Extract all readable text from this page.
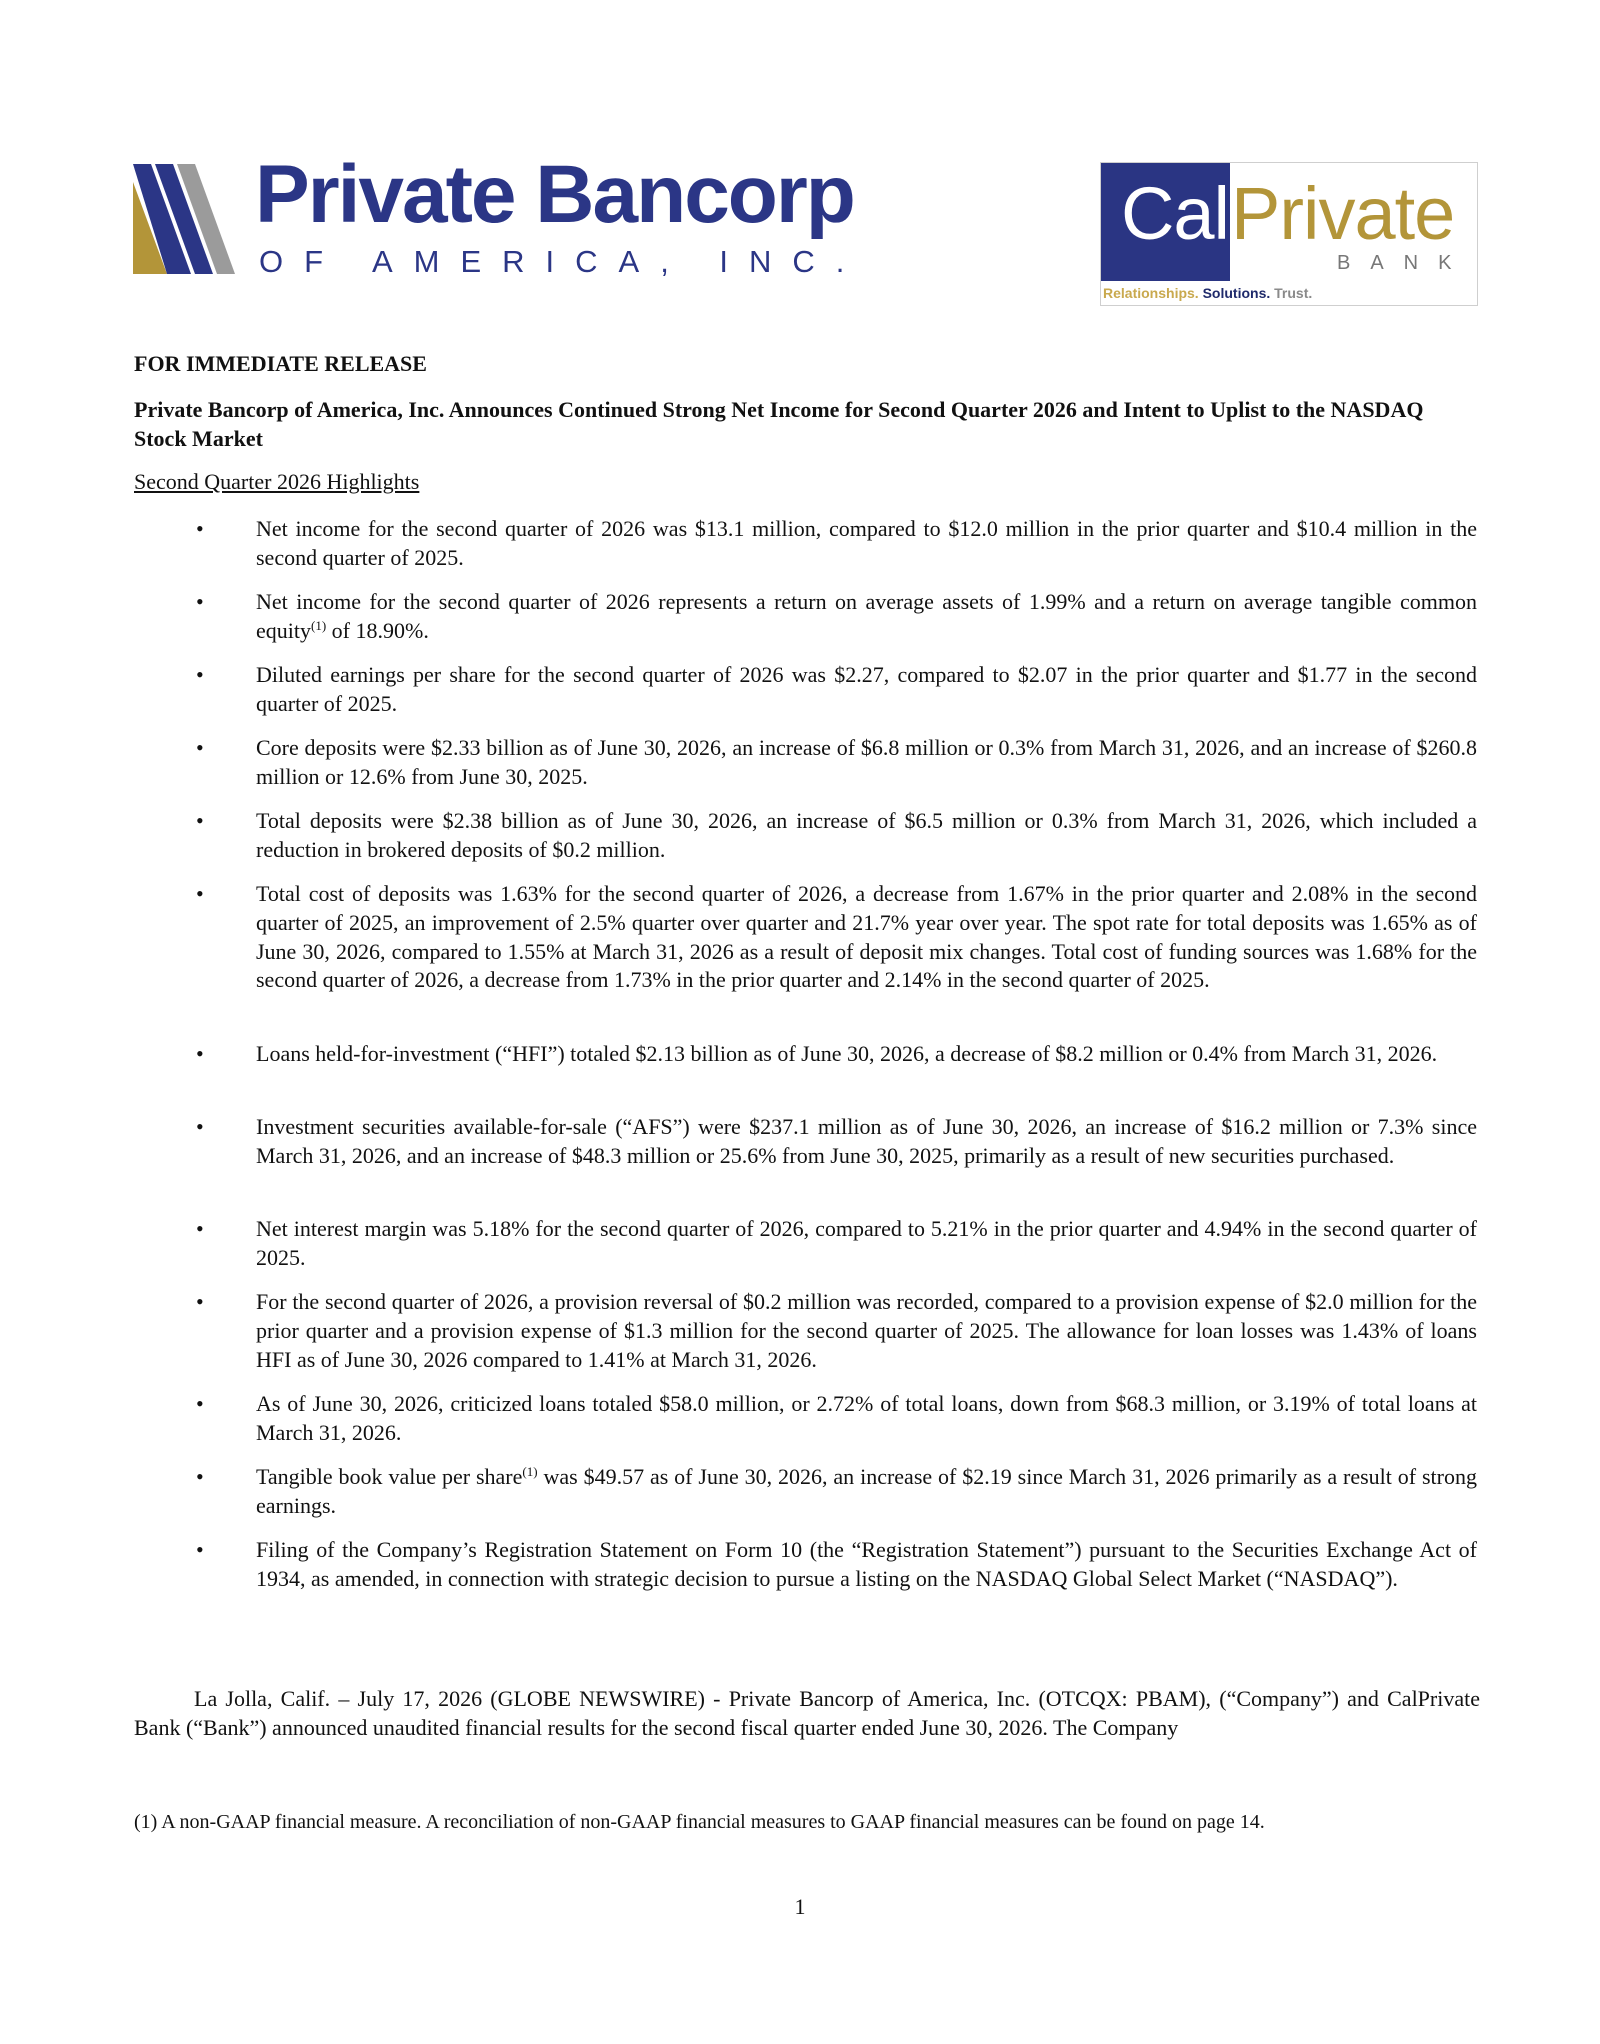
Private Bancorp
OF AMERICA, INC.
Cal Private
BANK
Relationships. Solutions. Trust.
FOR IMMEDIATE RELEASE
Private Bancorp of America, Inc. Announces Continued Strong Net Income for Second Quarter 2026 and Intent to Uplist to the NASDAQ Stock Market
Second Quarter 2026 Highlights
• Net income for the second quarter of 2026 was $13.1 million, compared to $12.0 million in the prior quarter and $10.4 million in the second quarter of 2025.
• Net income for the second quarter of 2026 represents a return on average assets of 1.99% and a return on average tangible common equity$^{(1)}$ of 18.90%.
• Diluted earnings per share for the second quarter of 2026 was $2.27, compared to $2.07 in the prior quarter and $1.77 in the second quarter of 2025.
• Core deposits were $2.33 billion as of June 30, 2026, an increase of $6.8 million or 0.3% from March 31, 2026, and an increase of $260.8 million or 12.6% from June 30, 2025.
• Total deposits were $2.38 billion as of June 30, 2026, an increase of $6.5 million or 0.3% from March 31, 2026, which included a reduction in brokered deposits of $0.2 million.
• Total cost of deposits was 1.63% for the second quarter of 2026, a decrease from 1.67% in the prior quarter and 2.08% in the second quarter of 2025, an improvement of 2.5% quarter over quarter and 21.7% year over year. The spot rate for total deposits was 1.65% as of June 30, 2026, compared to 1.55% at March 31, 2026 as a result of deposit mix changes. Total cost of funding sources was 1.68% for the second quarter of 2026, a decrease from 1.73% in the prior quarter and 2.14% in the second quarter of 2025.
• Loans held-for-investment (“HFI”) totaled $2.13 billion as of June 30, 2026, a decrease of $8.2 million or 0.4% from March 31, 2026.
• Investment securities available-for-sale (“AFS”) were $237.1 million as of June 30, 2026, an increase of $16.2 million or 7.3% since March 31, 2026, and an increase of $48.3 million or 25.6% from June 30, 2025, primarily as a result of new securities purchased.
• Net interest margin was 5.18% for the second quarter of 2026, compared to 5.21% in the prior quarter and 4.94% in the second quarter of 2025.
• For the second quarter of 2026, a provision reversal of $0.2 million was recorded, compared to a provision expense of $2.0 million for the prior quarter and a provision expense of $1.3 million for the second quarter of 2025. The allowance for loan losses was 1.43% of loans HFI as of June 30, 2026 compared to 1.41% at March 31, 2026.
• As of June 30, 2026, criticized loans totaled $58.0 million, or 2.72% of total loans, down from $68.3 million, or 3.19% of total loans at March 31, 2026.
• Tangible book value per share$^{(1)}$ was $49.57 as of June 30, 2026, an increase of $2.19 since March 31, 2026 primarily as a result of strong earnings.
• Filing of the Company’s Registration Statement on Form 10 (the “Registration Statement”) pursuant to the Securities Exchange Act of 1934, as amended, in connection with strategic decision to pursue a listing on the NASDAQ Global Select Market (“NASDAQ”).
La Jolla, Calif. – July 17, 2026 (GLOBE NEWSWIRE) - Private Bancorp of America, Inc. (OTCQX: PBAM), (“Company”) and CalPrivate Bank (“Bank”) announced unaudited financial results for the second fiscal quarter ended June 30, 2026. The Company
(1) A non-GAAP financial measure. A reconciliation of non-GAAP financial measures to GAAP financial measures can be found on page 14.
1
